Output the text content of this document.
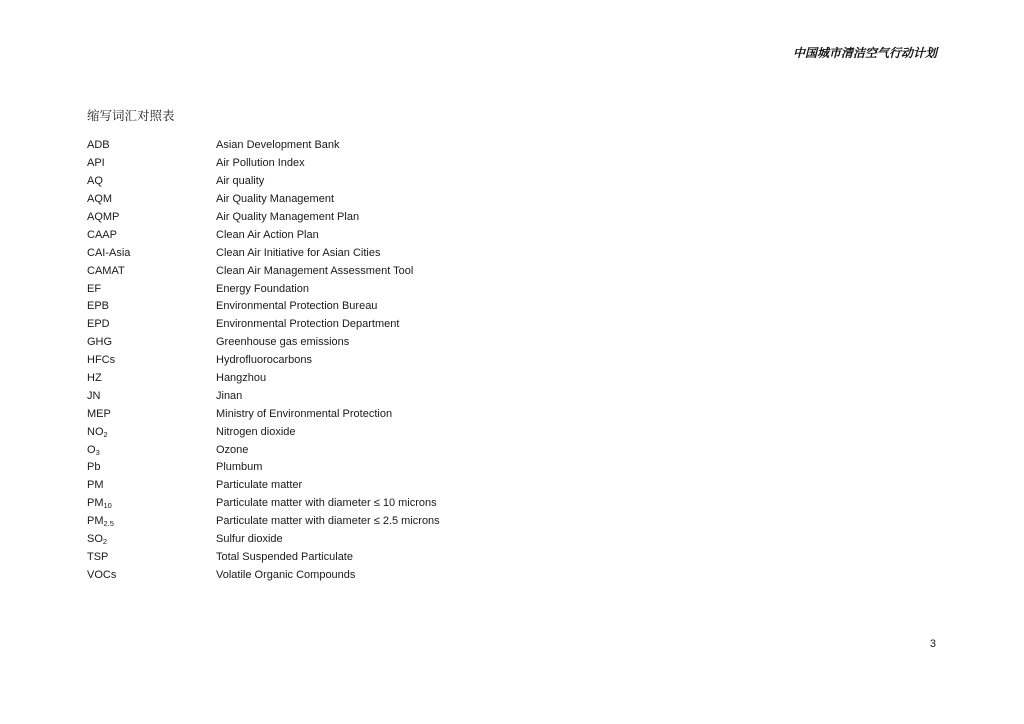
中国城市清洁空气行动计划
缩写词汇对照表
ADB	Asian Development Bank
API	Air Pollution Index
AQ	Air quality
AQM	Air Quality Management
AQMP	Air Quality Management Plan
CAAP	Clean Air Action Plan
CAI-Asia	Clean Air Initiative for Asian Cities
CAMAT	Clean Air Management Assessment Tool
EF	Energy Foundation
EPB	Environmental Protection Bureau
EPD	Environmental Protection Department
GHG	Greenhouse gas emissions
HFCs	Hydrofluorocarbons
HZ	Hangzhou
JN	Jinan
MEP	Ministry of Environmental Protection
$NO_2$	Nitrogen dioxide
$O_3$	Ozone
Pb	Plumbum
PM	Particulate matter
$PM_{10}$	Particulate matter with diameter ≤ 10 microns
$PM_{2.5}$	Particulate matter with diameter ≤ 2.5 microns
$SO_2$	Sulfur dioxide
TSP	Total Suspended Particulate
VOCs	Volatile Organic Compounds
3
